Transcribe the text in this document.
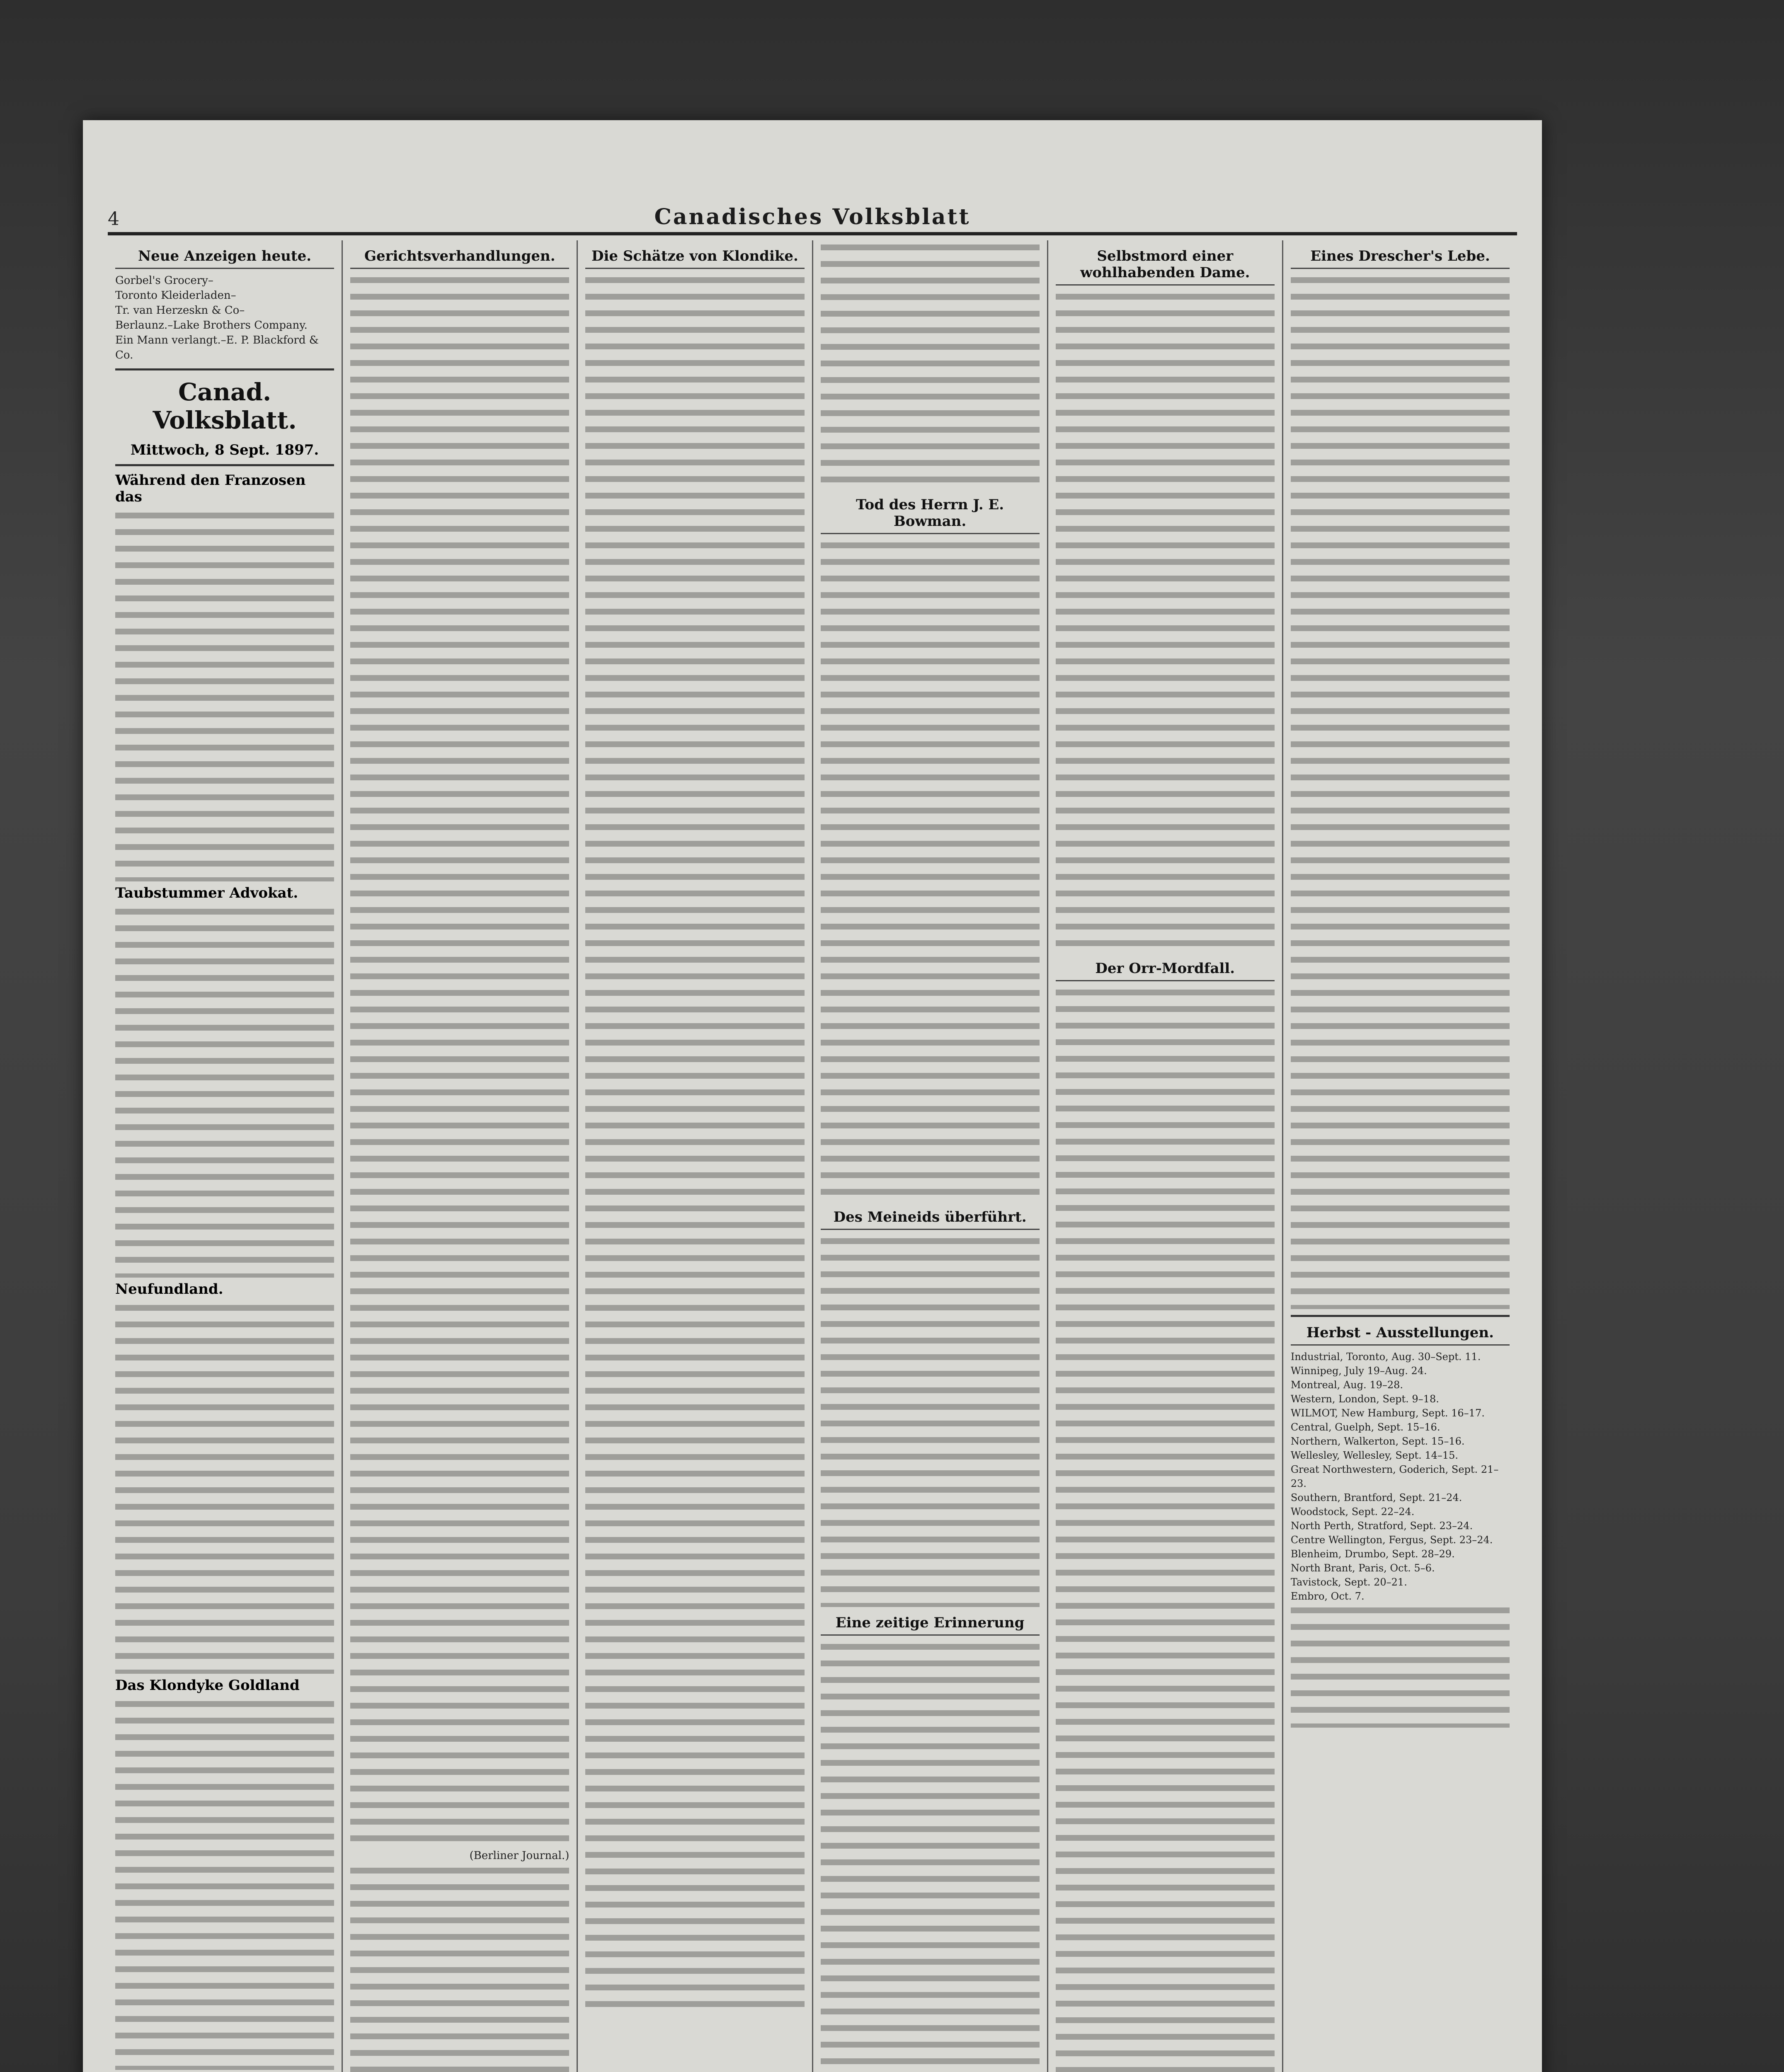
4	Canadisches Volksblatt
Neue Anzeigen heute.
Gorbel's Grocery–
Toronto Kleiderladen–
Tr. van Herzeskn & Co–
Berlaunz.–Lake Brothers Company.
Ein Mann verlangt.–E. P. Blackford & Co.
Canad. Volksblatt.
Mittwoch, 8 Sept. 1897.
Während den Franzosen das
Taubstummer Advokat.
Neufundland.
Das Klondyke Goldland
Gerichtsverhandlungen.
(Berliner Journal.)
Die Schätze von Klondike.
Tod des Herrn J. E. Bowman.
Des Meineids überführt.
Eine zeitige Erinnerung
Selbstmord einer wohlhabenden Dame.
Der Orr-Mordfall.
Eines Drescher's Lebe.
Herbst - Ausstellungen.
Industrial, Toronto, Aug. 30–Sept. 11.
Winnipeg, July 19–Aug. 24.
Montreal, Aug. 19–28.
Western, London, Sept. 9–18.
WILMOT, New Hamburg, Sept. 16–17.
Central, Guelph, Sept. 15–16.
Northern, Walkerton, Sept. 15–16.
Wellesley, Wellesley, Sept. 14–15.
Great Northwestern, Goderich, Sept. 21–23.
Southern, Brantford, Sept. 21–24.
Woodstock, Sept. 22–24.
North Perth, Stratford, Sept. 23–24.
Centre Wellington, Fergus, Sept. 23–24.
Blenheim, Drumbo, Sept. 28–29.
North Brant, Paris, Oct. 5–6.
Tavistock, Sept. 20–21.
Embro, Oct. 7.
